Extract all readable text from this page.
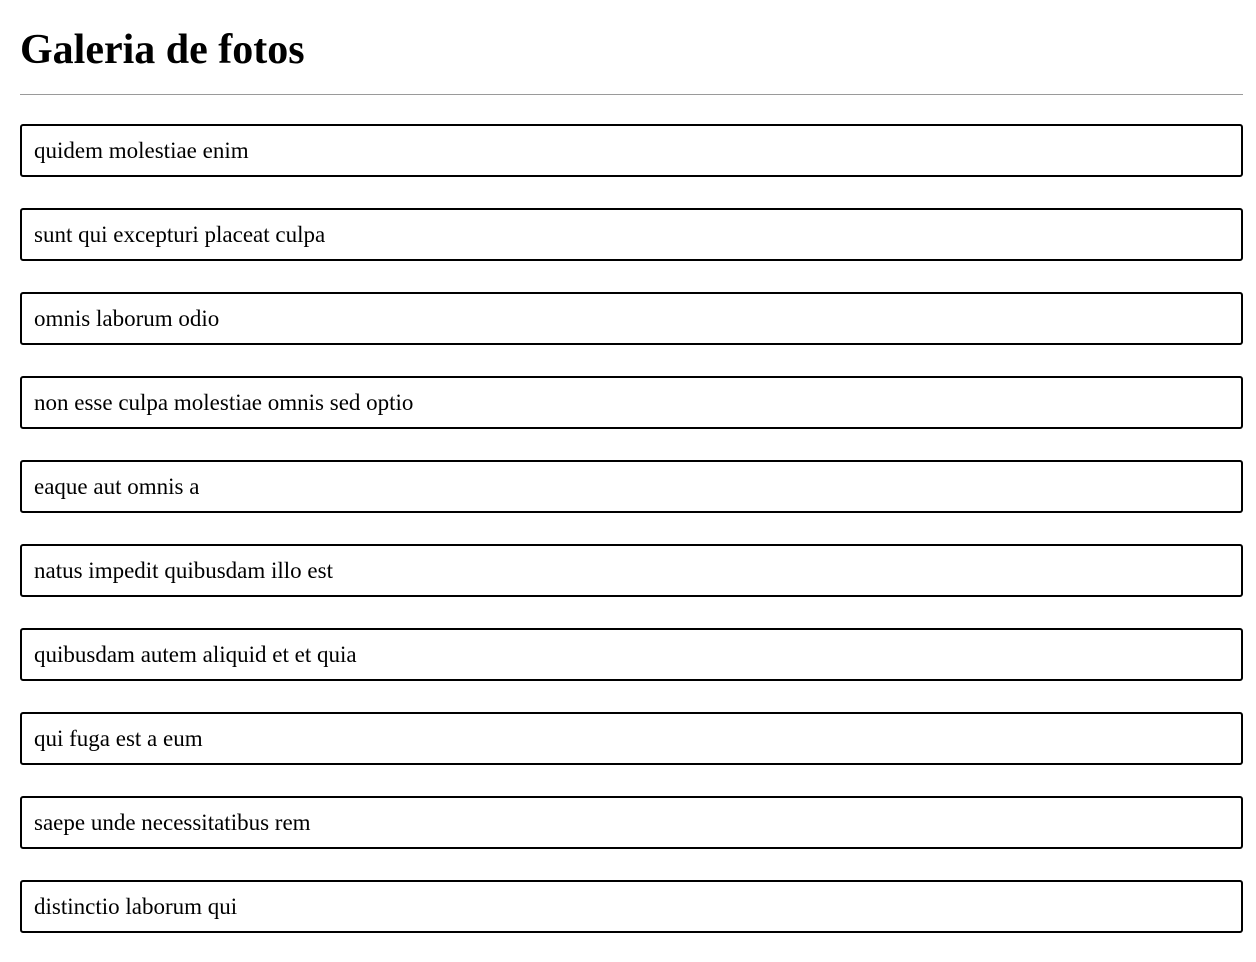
Galeria de fotos
quidem molestiae enim
sunt qui excepturi placeat culpa
omnis laborum odio
non esse culpa molestiae omnis sed optio
eaque aut omnis a
natus impedit quibusdam illo est
quibusdam autem aliquid et et quia
qui fuga est a eum
saepe unde necessitatibus rem
distinctio laborum qui
